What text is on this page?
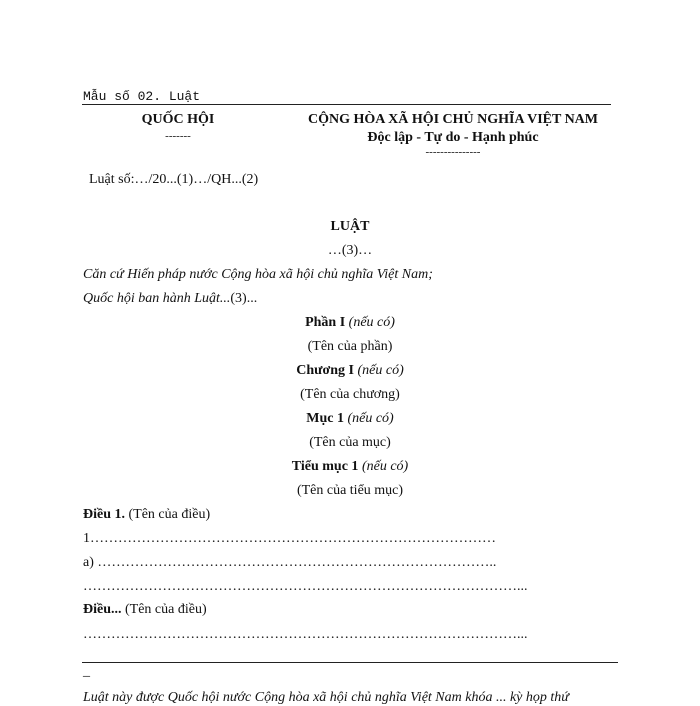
Mẫu số 02. Luật
QUỐC HỘI
-------
CỘNG HÒA XÃ HỘI CHỦ NGHĨA VIỆT NAM
Độc lập - Tự do - Hạnh phúc
---------------
Luật số:…/20...(1)…/QH...(2)
LUẬT
…(3)…
Căn cứ Hiến pháp nước Cộng hòa xã hội chủ nghĩa Việt Nam;
Quốc hội ban hành Luật...(3)...
Phần I (nếu có)
(Tên của phần)
Chương I (nếu có)
(Tên của chương)
Mục 1 (nếu có)
(Tên của mục)
Tiểu mục 1 (nếu có)
(Tên của tiểu mục)
Điều 1. (Tên của điều)
1……………………………………………………………………………
a) …………………………………………………………………………..
…………………………………………………………………………………...
Điều... (Tên của điều)
…………………………………………………………………………………...
_
Luật này được Quốc hội nước Cộng hòa xã hội chủ nghĩa Việt Nam khóa ... kỳ họp thứ
